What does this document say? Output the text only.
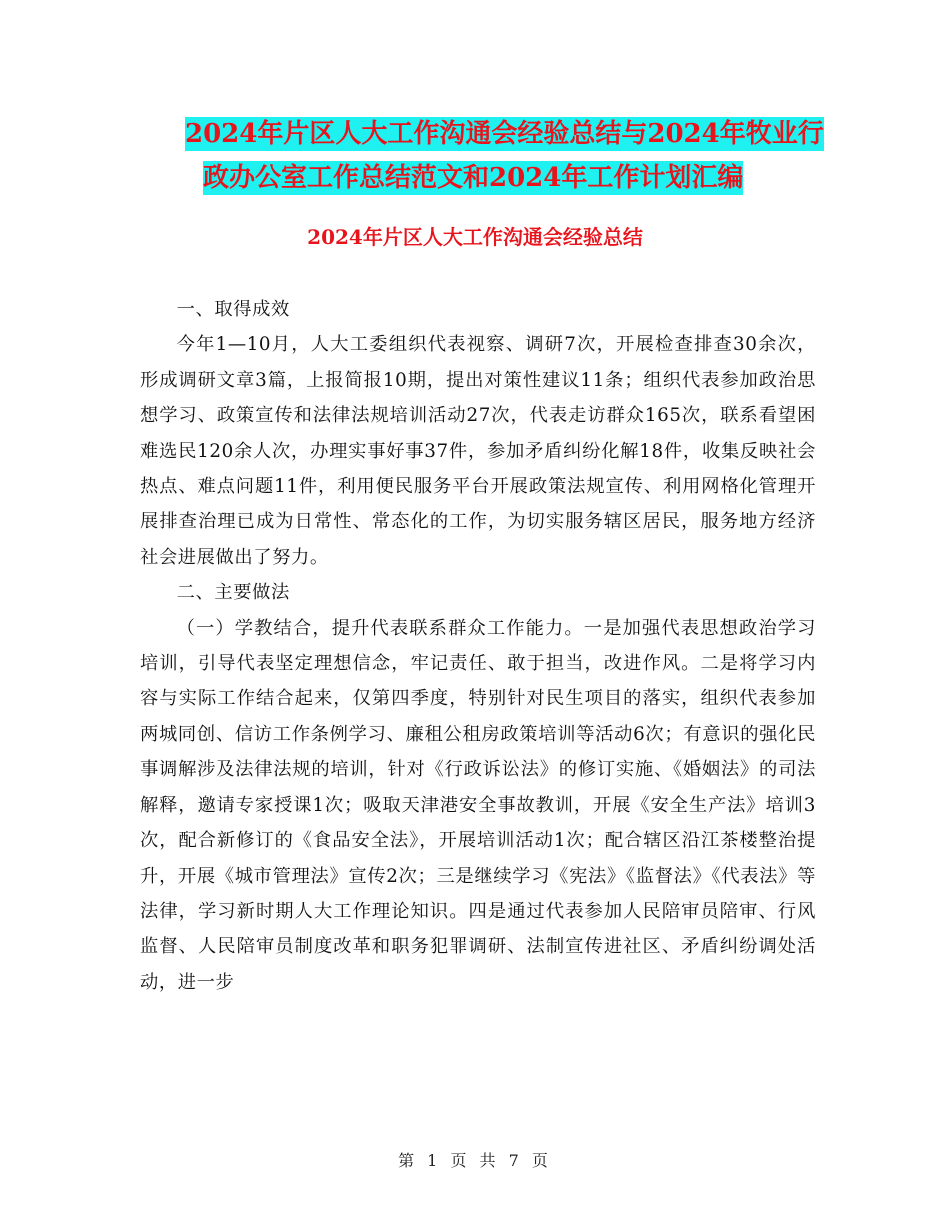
2024年片区人大工作沟通会经验总结与2024年牧业行
政办公室工作总结范文和2024年工作计划汇编
2024年片区人大工作沟通会经验总结

一、取得成效

今年1—10月，人大工委组织代表视察、调研7次，开展检查排查30余次，形成调研文章3篇，上报简报10期，提出对策性建议11条；组织代表参加政治思想学习、政策宣传和法律法规培训活动27次，代表走访群众165次，联系看望困难选民120余人次，办理实事好事37件，参加矛盾纠纷化解18件，收集反映社会热点、难点问题11件，利用便民服务平台开展政策法规宣传、利用网格化管理开展排查治理已成为日常性、常态化的工作，为切实服务辖区居民，服务地方经济社会进展做出了努力。

二、主要做法

（一）学教结合，提升代表联系群众工作能力。一是加强代表思想政治学习培训，引导代表坚定理想信念，牢记责任、敢于担当，改进作风。二是将学习内容与实际工作结合起来，仅第四季度，特别针对民生项目的落实，组织代表参加两城同创、信访工作条例学习、廉租公租房政策培训等活动6次；有意识的强化民事调解涉及法律法规的培训，针对《行政诉讼法》的修订实施、《婚姻法》的司法解释，邀请专家授课1次；吸取天津港安全事故教训，开展《安全生产法》培训3次，配合新修订的《食品安全法》，开展培训活动1次；配合辖区沿江茶楼整治提升，开展《城市管理法》宣传2次；三是继续学习《宪法》《监督法》《代表法》等法律，学习新时期人大工作理论知识。四是通过代表参加人民陪审员陪审、行风监督、人民陪审员制度改革和职务犯罪调研、法制宣传进社区、矛盾纠纷调处活动，进一步

第 1 页 共 7 页
